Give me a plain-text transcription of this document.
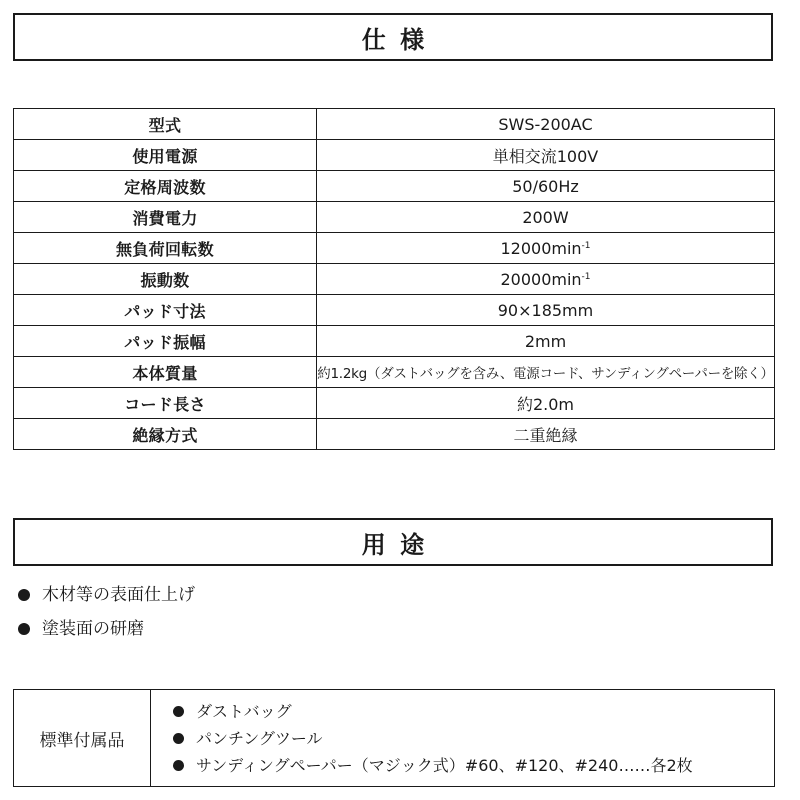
仕様
型式	SWS-200AC
使用電源	単相交流100V
定格周波数	50/60Hz
消費電力	200W
無負荷回転数	$12000\min^{-1}$
振動数	$20000\min^{-1}$
パッド寸法	90×185mm
パッド振幅	2mm
本体質量	約1.2kg（ダストバッグを含み、電源コード、サンディングペーパーを除く）
コード長さ	約2.0m
絶縁方式	二重絶縁
用途
木材等の表面仕上げ
塗装面の研磨
標準付属品
ダストバッグ
パンチングツール
サンディングペーパー（マジック式）#60、#120、#240……各2枚
